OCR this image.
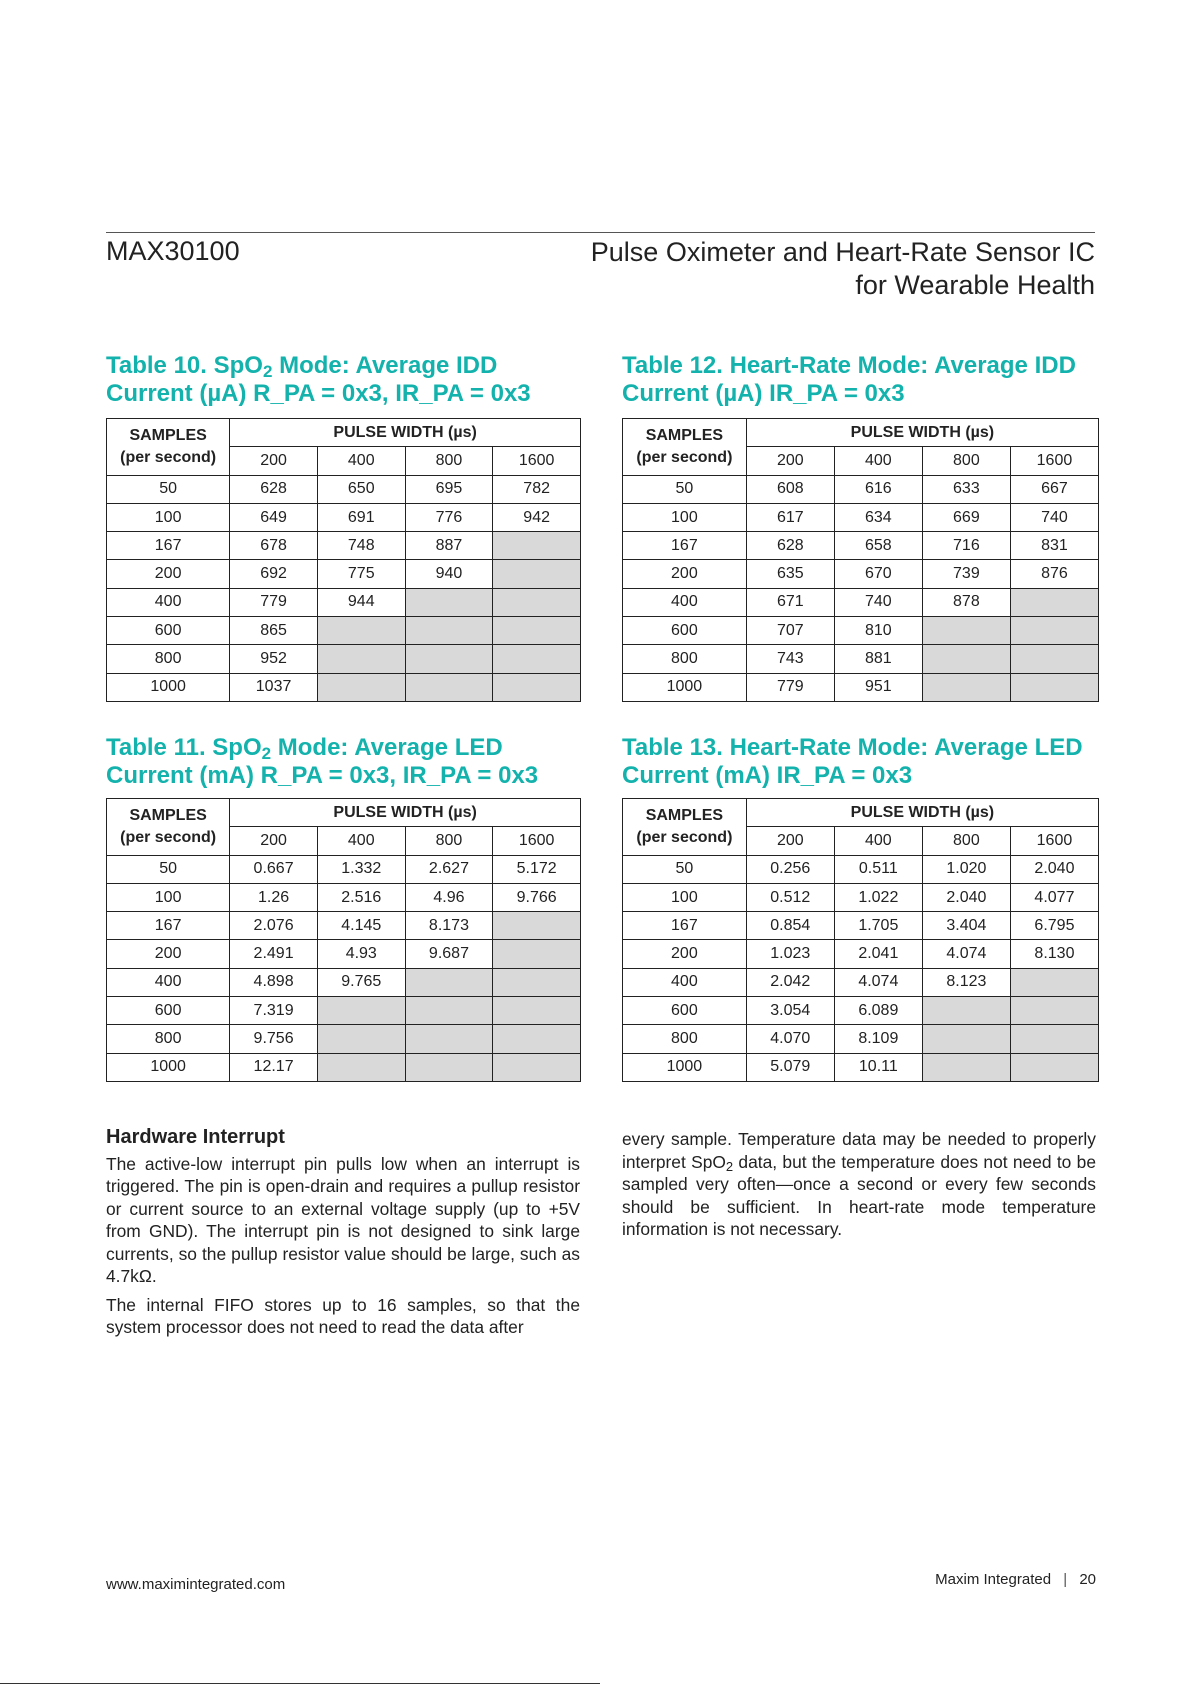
MAX30100	Pulse Oximeter and Heart-Rate Sensor IC
for Wearable Health
Table 10. SpO$_2$ Mode: Average IDD
Current (µA) R_PA = 0x3, IR_PA = 0x3
Table 12. Heart-Rate Mode: Average IDD
Current (µA) IR_PA = 0x3
Table 11. SpO$_2$ Mode: Average LED
Current (mA) R_PA = 0x3, IR_PA = 0x3
Table 13. Heart-Rate Mode: Average LED
Current (mA) IR_PA = 0x3
SAMPLES
(per second)	PULSE WIDTH (µs)			
	200	400	800	1600
50	628	650	695	782
100	649	691	776	942
167	678	748	887	
200	692	775	940	
400	779	944		
600	865			
800	952			
1000	1037			
SAMPLES
(per second)	PULSE WIDTH (µs)			
	200	400	800	1600
50	608	616	633	667
100	617	634	669	740
167	628	658	716	831
200	635	670	739	876
400	671	740	878	
600	707	810		
800	743	881		
1000	779	951		
SAMPLES
(per second)	PULSE WIDTH (µs)			
	200	400	800	1600
50	0.667	1.332	2.627	5.172
100	1.26	2.516	4.96	9.766
167	2.076	4.145	8.173	
200	2.491	4.93	9.687	
400	4.898	9.765		
600	7.319			
800	9.756			
1000	12.17			
SAMPLES
(per second)	PULSE WIDTH (µs)			
	200	400	800	1600
50	0.256	0.511	1.020	2.040
100	0.512	1.022	2.040	4.077
167	0.854	1.705	3.404	6.795
200	1.023	2.041	4.074	8.130
400	2.042	4.074	8.123	
600	3.054	6.089		
800	4.070	8.109		
1000	5.079	10.11		
Hardware Interrupt

The active-low interrupt pin pulls low when an interrupt is triggered. The pin is open-drain and requires a pullup resistor or current source to an external voltage supply (up to +5V from GND). The interrupt pin is not designed to sink large currents, so the pullup resistor value should be large, such as 4.7kΩ.

The internal FIFO stores up to 16 samples, so that the system processor does not need to read the data after

every sample. Temperature data may be needed to properly interpret SpO$_2$ data, but the temperature does not need to be sampled very often—once a second or every few seconds should be sufficient. In heart-rate mode temperature information is not necessary.

www.maximintegrated.com	Maxim Integrated | 20
